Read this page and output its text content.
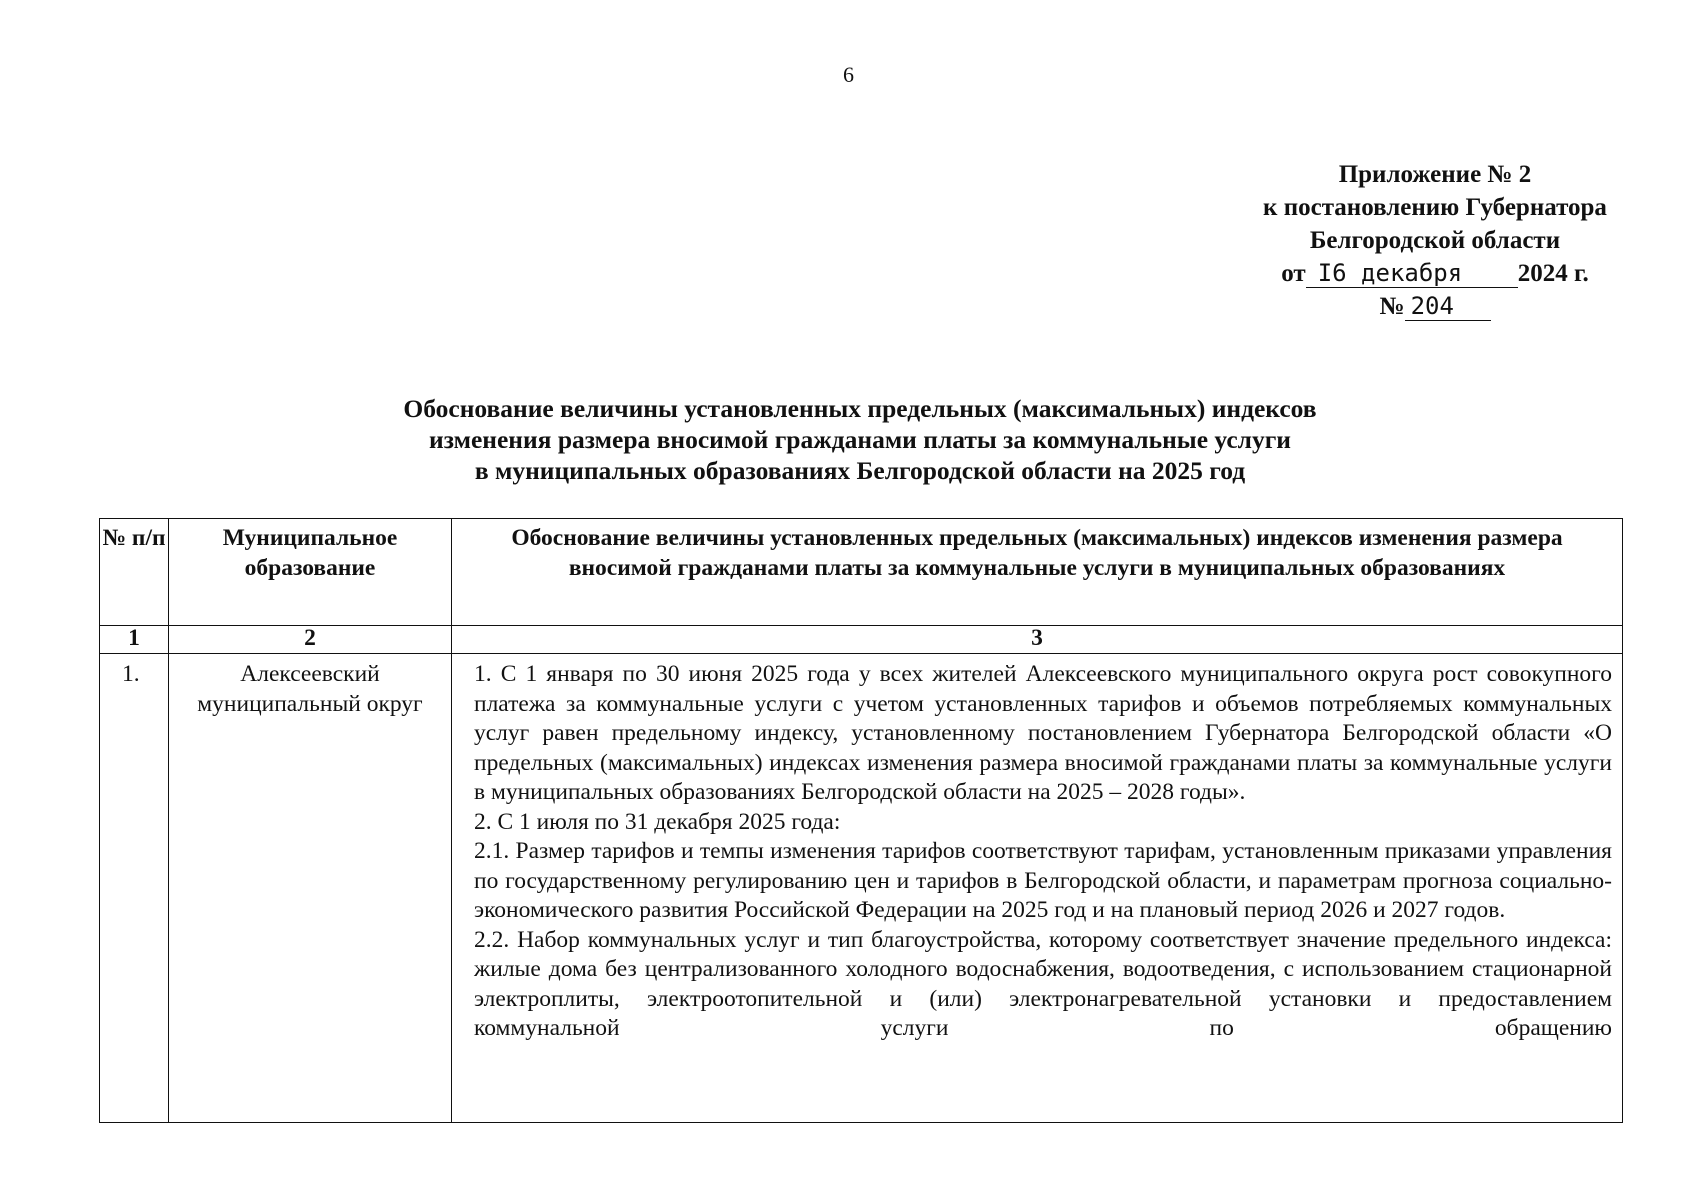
6
Приложение № 2
к постановлению Губернатора
Белгородской области
от I6 декабря	2024 г.
№ 204
Обоснование величины установленных предельных (максимальных) индексов
изменения размера вносимой гражданами платы за коммунальные услуги
в муниципальных образованиях Белгородской области на 2025 год
№ п/п	Муниципальное образование	Обоснование величины установленных предельных (максимальных) индексов изменения размера вносимой гражданами платы за коммунальные услуги в муниципальных образованиях
1	2	3
1.	Алексеевский муниципальный округ	1. С 1 января по 30 июня 2025 года у всех жителей Алексеевского муниципального округа рост совокупного платежа за коммунальные услуги с учетом установленных тарифов и объемов потребляемых коммунальных услуг равен предельному индексу, установленному постановлением Губернатора Белгородской области «О предельных (максимальных) индексах изменения размера вносимой гражданами платы за коммунальные услуги в муниципальных образованиях Белгородской области на 2025 – 2028 годы».

2. С 1 июля по 31 декабря 2025 года:

2.1. Размер тарифов и темпы изменения тарифов соответствуют тарифам, установленным приказами управления по государственному регулированию цен и тарифов в Белгородской области, и параметрам прогноза социально-экономического развития Российской Федерации на 2025 год и на плановый период 2026 и 2027 годов.

2.2. Набор коммунальных услуг и тип благоустройства, которому соответствует значение предельного индекса: жилые дома без централизованного холодного водоснабжения, водоотведения, с использованием стационарной электроплиты, электроотопительной и (или) электронагревательной установки и предоставлением коммунальной услуги по обращению
